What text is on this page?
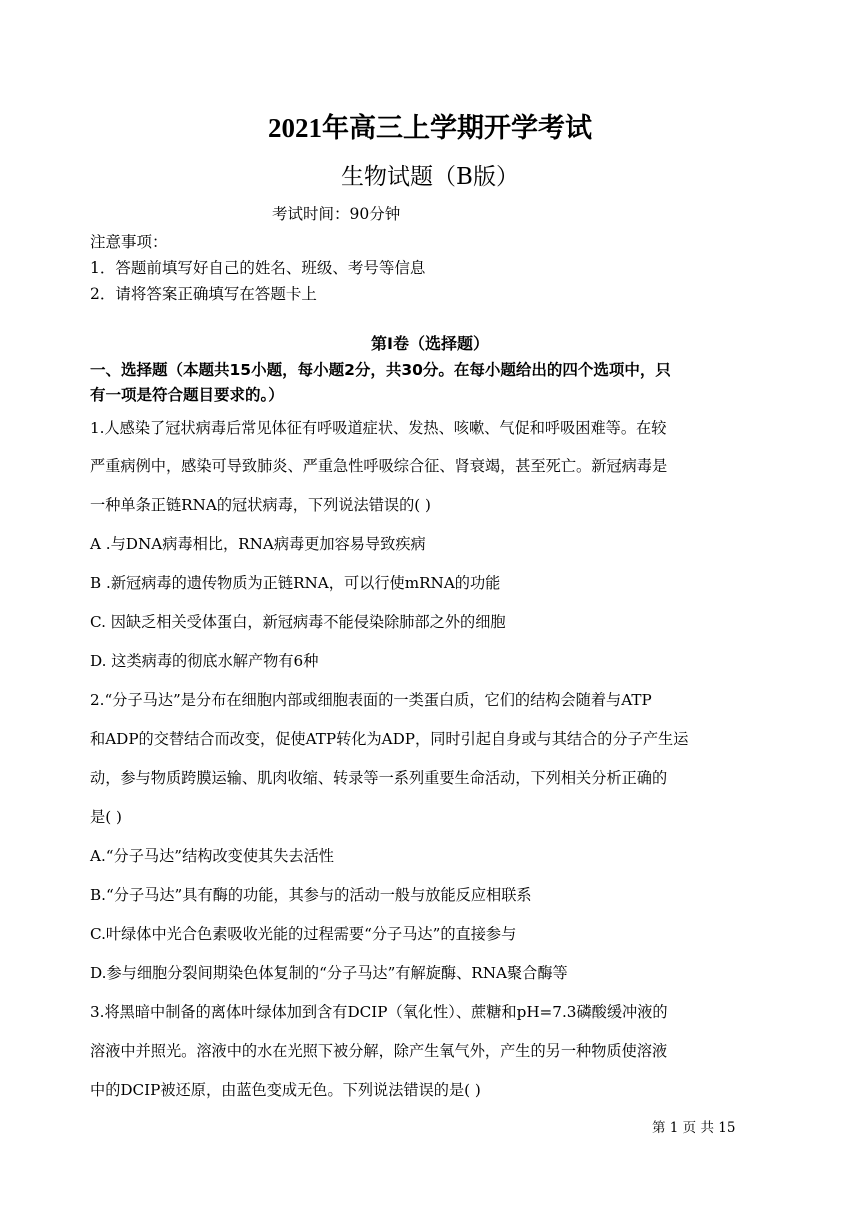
2021年高三上学期开学考试
生物试题（B版）
考试时间：90分钟
注意事项：
1．答题前填写好自己的姓名、班级、考号等信息
2．请将答案正确填写在答题卡上
第I卷（选择题）
一、选择题（本题共15小题，每小题2分，共30分。在每小题给出的四个选项中，只
有一项是符合题目要求的。）
1.人感染了冠状病毒后常见体征有呼吸道症状、发热、咳嗽、气促和呼吸困难等。在较
严重病例中，感染可导致肺炎、严重急性呼吸综合征、肾衰竭，甚至死亡。新冠病毒是
一种单条正链RNA的冠状病毒，下列说法错误的( )
A .与DNA病毒相比，RNA病毒更加容易导致疾病
B .新冠病毒的遗传物质为正链RNA，可以行使mRNA的功能
C. 因缺乏相关受体蛋白，新冠病毒不能侵染除肺部之外的细胞
D. 这类病毒的彻底水解产物有6种
2.“分子马达”是分布在细胞内部或细胞表面的一类蛋白质，它们的结构会随着与ATP
和ADP的交替结合而改变，促使ATP转化为ADP，同时引起自身或与其结合的分子产生运
动，参与物质跨膜运输、肌肉收缩、转录等一系列重要生命活动，下列相关分析正确的
是( )
A.“分子马达”结构改变使其失去活性
B.“分子马达”具有酶的功能，其参与的活动一般与放能反应相联系
C.叶绿体中光合色素吸收光能的过程需要“分子马达”的直接参与
D.参与细胞分裂间期染色体复制的“分子马达”有解旋酶、RNA聚合酶等
3.将黑暗中制备的离体叶绿体加到含有DCIP（氧化性）、蔗糖和pH=7.3磷酸缓冲液的
溶液中并照光。溶液中的水在光照下被分解，除产生氧气外，产生的另一种物质使溶液
中的DCIP被还原，由蓝色变成无色。下列说法错误的是( )
第 1 页 共 15
